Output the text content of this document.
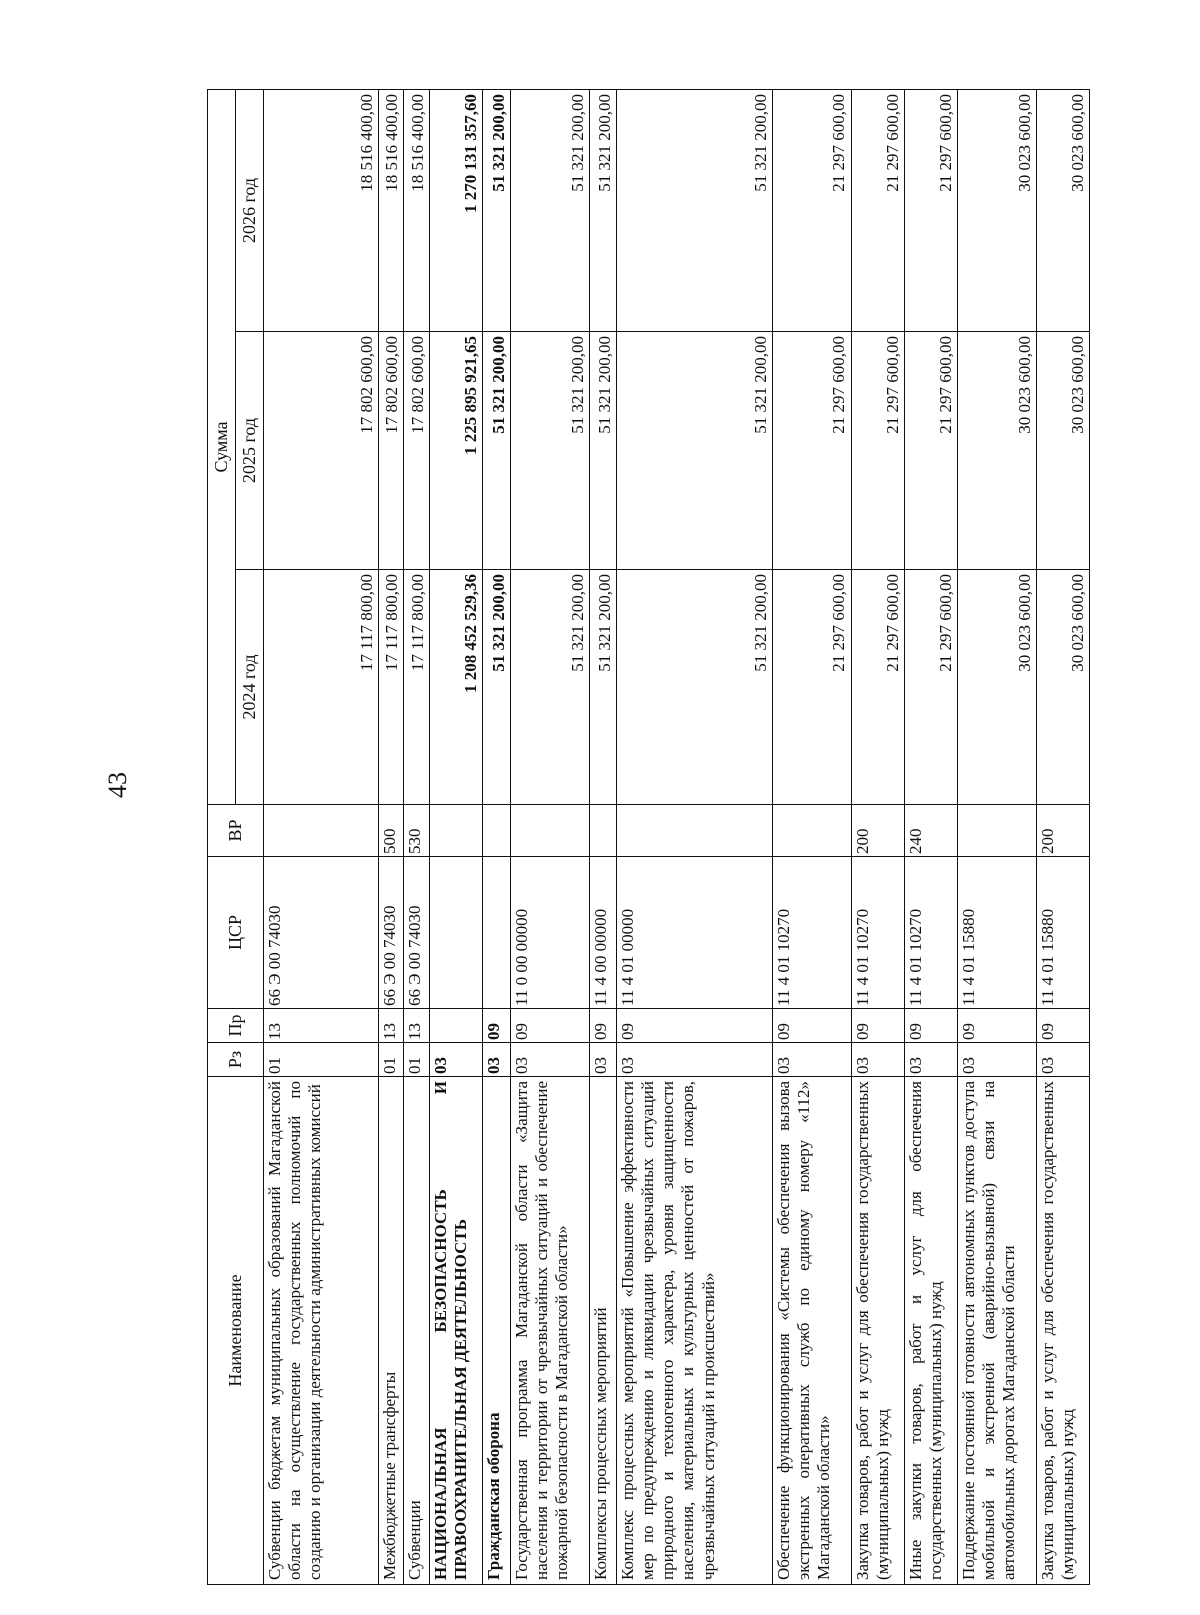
43
Наименование	Рз	Пр	ЦСР	ВР	Сумма		
					2024 год	2025 год	2026 год
Субвенции бюджетам муниципальных образований Магаданской области на осуществление государственных полномочий по созданию и организации деятельности административных комиссий	01	13	66 Э 00 74030		17 117 800,00	17 802 600,00	18 516 400,00
Межбюджетные трансферты	01	13	66 Э 00 74030	500	17 117 800,00	17 802 600,00	18 516 400,00
Субвенции	01	13	66 Э 00 74030	530	17 117 800,00	17 802 600,00	18 516 400,00
НАЦИОНАЛЬНАЯ БЕЗОПАСНОСТЬ И ПРАВООХРАНИТЕЛЬНАЯ ДЕЯТЕЛЬНОСТЬ	03				1 208 452 529,36	1 225 895 921,65	1 270 131 357,60
Гражданская оборона	03	09			51 321 200,00	51 321 200,00	51 321 200,00
Государственная программа Магаданской области «Защита населения и территории от чрезвычайных ситуаций и обеспечение пожарной безопасности в Магаданской области»	03	09	11 0 00 00000		51 321 200,00	51 321 200,00	51 321 200,00
Комплексы процессных мероприятий	03	09	11 4 00 00000		51 321 200,00	51 321 200,00	51 321 200,00
Комплекс процессных мероприятий «Повышение эффективности мер по предупреждению и ликвидации чрезвычайных ситуаций природного и техногенного характера, уровня защищенности населения, материальных и культурных ценностей от пожаров, чрезвычайных ситуаций и происшествий»	03	09	11 4 01 00000		51 321 200,00	51 321 200,00	51 321 200,00
Обеспечение функционирования «Системы обеспечения вызова экстренных оперативных служб по единому номеру «112» Магаданской области»	03	09	11 4 01 10270		21 297 600,00	21 297 600,00	21 297 600,00
Закупка товаров, работ и услуг для обеспечения государственных (муниципальных) нужд	03	09	11 4 01 10270	200	21 297 600,00	21 297 600,00	21 297 600,00
Иные закупки товаров, работ и услуг для обеспечения государственных (муниципальных) нужд	03	09	11 4 01 10270	240	21 297 600,00	21 297 600,00	21 297 600,00
Поддержание постоянной готовности автономных пунктов доступа мобильной и экстренной (аварийно-вызывной) связи на автомобильных дорогах Магаданской области	03	09	11 4 01 15880		30 023 600,00	30 023 600,00	30 023 600,00
Закупка товаров, работ и услуг для обеспечения государственных (муниципальных) нужд	03	09	11 4 01 15880	200	30 023 600,00	30 023 600,00	30 023 600,00
